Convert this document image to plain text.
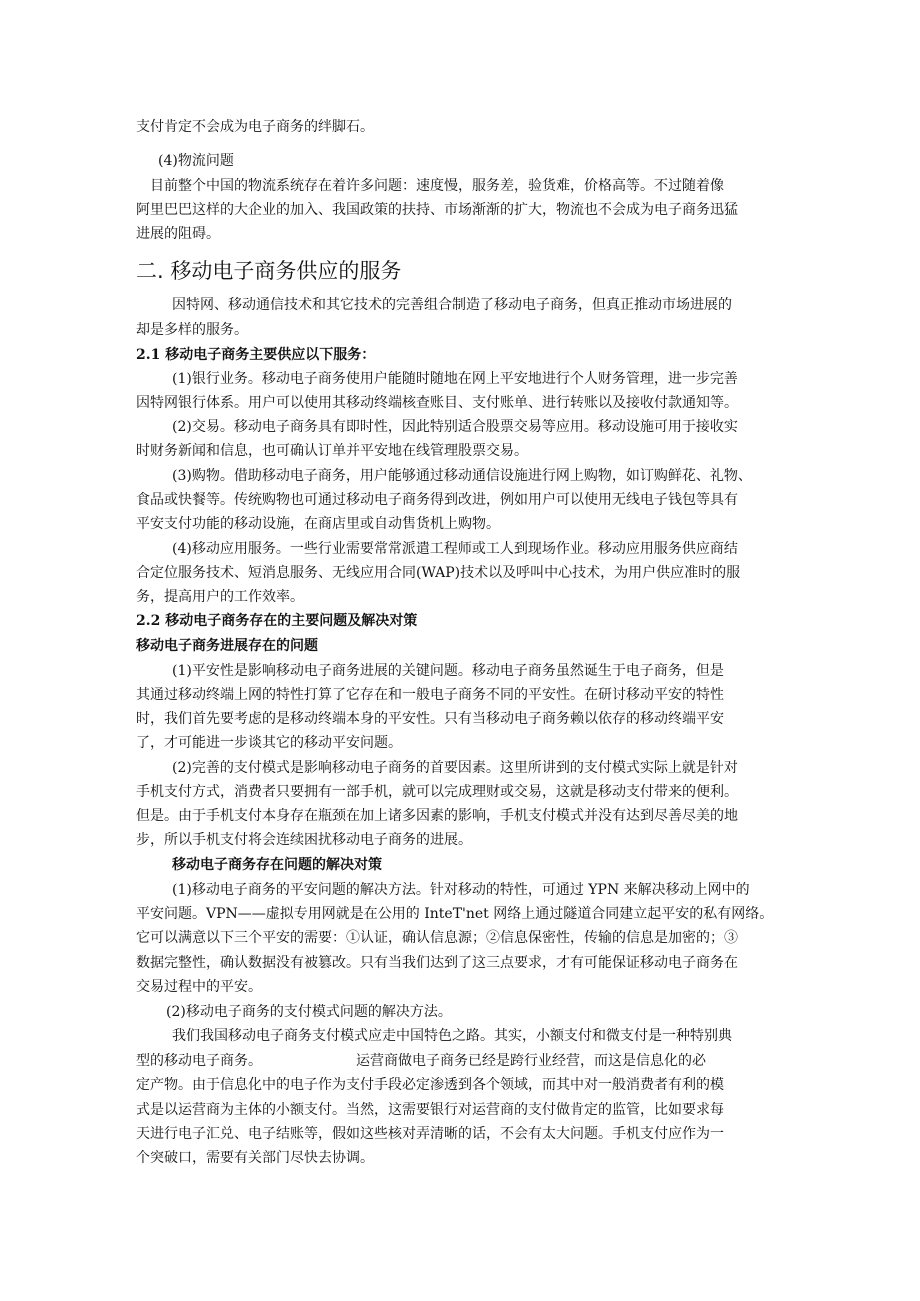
支付肯定不会成为电子商务的绊脚石。
(4)物流问题
目前整个中国的物流系统存在着许多问题：速度慢，服务差，验货难，价格高等。不过随着像
阿里巴巴这样的大企业的加入、我国政策的扶持、市场渐渐的扩大，物流也不会成为电子商务迅猛
进展的阻碍。
二. 移动电子商务供应的服务
因特网、移动通信技术和其它技术的完善组合制造了移动电子商务，但真正推动市场进展的
却是多样的服务。
2.1 移动电子商务主要供应以下服务：
(1)银行业务。移动电子商务使用户能随时随地在网上平安地进行个人财务管理，进一步完善
因特网银行体系。用户可以使用其移动终端核查账目、支付账单、进行转账以及接收付款通知等。
(2)交易。移动电子商务具有即时性，因此特别适合股票交易等应用。移动设施可用于接收实
时财务新闻和信息，也可确认订单并平安地在线管理股票交易。
(3)购物。借助移动电子商务，用户能够通过移动通信设施进行网上购物，如订购鲜花、礼物、
食品或快餐等。传统购物也可通过移动电子商务得到改进，例如用户可以使用无线电子钱包等具有
平安支付功能的移动设施，在商店里或自动售货机上购物。
(4)移动应用服务。一些行业需要常常派遣工程师或工人到现场作业。移动应用服务供应商结
合定位服务技术、短消息服务、无线应用合同(WAP)技术以及呼叫中心技术，为用户供应准时的服
务，提高用户的工作效率。
2.2 移动电子商务存在的主要问题及解决对策
移动电子商务进展存在的问题
(1)平安性是影响移动电子商务进展的关键问题。移动电子商务虽然诞生于电子商务，但是
其通过移动终端上网的特性打算了它存在和一般电子商务不同的平安性。在研讨移动平安的特性
时，我们首先要考虑的是移动终端本身的平安性。只有当移动电子商务赖以依存的移动终端平安
了，才可能进一步谈其它的移动平安问题。
(2)完善的支付模式是影响移动电子商务的首要因素。这里所讲到的支付模式实际上就是针对
手机支付方式，消费者只要拥有一部手机，就可以完成理财或交易，这就是移动支付带来的便利。
但是。由于手机支付本身存在瓶颈在加上诸多因素的影响，手机支付模式并没有达到尽善尽美的地
步，所以手机支付将会连续困扰移动电子商务的进展。
移动电子商务存在问题的解决对策
(1)移动电子商务的平安问题的解决方法。针对移动的特性，可通过 YPN 来解决移动上网中的
平安问题。VPN——虚拟专用网就是在公用的 InteT'net 网络上通过隧道合同建立起平安的私有网络。
它可以满意以下三个平安的需要：①认证，确认信息源；②信息保密性，传输的信息是加密的；③
数据完整性，确认数据没有被篡改。只有当我们达到了这三点要求，才有可能保证移动电子商务在
交易过程中的平安。
(2)移动电子商务的支付模式问题的解决方法。
我们我国移动电子商务支付模式应走中国特色之路。其实，小额支付和微支付是一种特别典
型的移动电子商务。	运营商做电子商务已经是跨行业经营，而这是信息化的必
定产物。由于信息化中的电子作为支付手段必定渗透到各个领域，而其中对一般消费者有利的模
式是以运营商为主体的小额支付。当然，这需要银行对运营商的支付做肯定的监管，比如要求每
天进行电子汇兑、电子结账等，假如这些核对弄清晰的话，不会有太大问题。手机支付应作为一
个突破口，需要有关部门尽快去协调。
